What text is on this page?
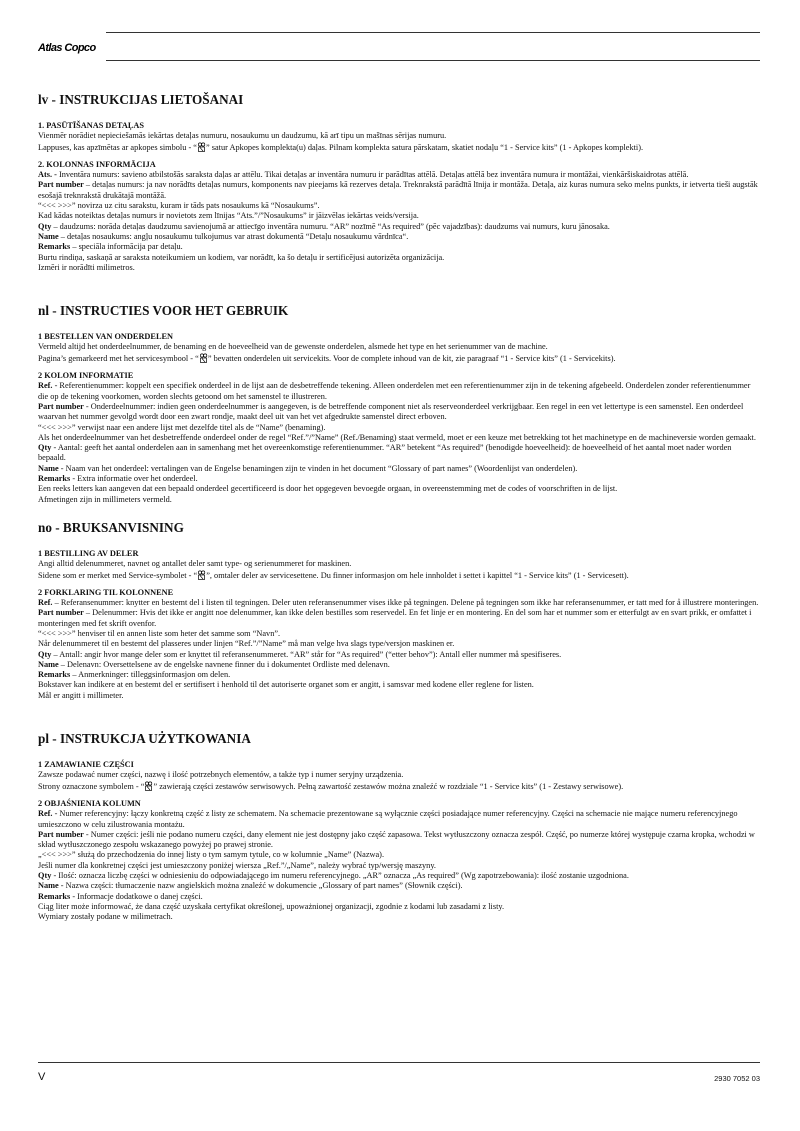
Atlas Copco
lv - INSTRUKCIJAS LIETOŠANAI

1. PASŪTĪŠANAS DETAĻAS

Vienmēr norādiet nepieciešamās iekārtas detaļas numuru, nosaukumu un daudzumu, kā arī tipu un mašīnas sērijas numuru.

Lappuses, kas apzīmētas ar apkopes simbolu - “ ” satur Apkopes komplekta(u) daļas. Pilnam komplekta satura pārskatam, skatiet nodaļu “1 - Service kits” (1 - Apkopes komplekti).

2. KOLONNAS INFORMĀCIJA

Ats. - Inventāra numurs: savieno atbilstošās saraksta daļas ar attēlu. Tikai detaļas ar inventāra numuru ir parādītas attēlā. Detaļas attēlā bez inventāra numura ir montāžai, vienkāršiskaidrotas attēlā.

Part number – detaļas numurs: ja nav norādīts detaļas numurs, komponents nav pieejams kā rezerves detaļa. Treknrakstā parādītā līnija ir montāža. Detaļa, aiz kuras numura seko melns punkts, ir ietverta tieši augstāk esošajā treknrakstā drukātajā montāžā.

“<<< >>>” novirza uz citu sarakstu, kuram ir tāds pats nosaukums kā “Nosaukums”.

Kad kādas noteiktas detaļas numurs ir novietots zem līnijas “Ats.”/”Nosaukums” ir jāizvēlas iekārtas veids/versija.

Qty – daudzums: norāda detaļas daudzumu savienojumā ar attiecīgo inventāra numuru. “AR” nozīmē “As required” (pēc vajadzības): daudzums vai numurs, kuru jānosaka.

Name – detaļas nosaukums: angļu nosaukumu tulkojumus var atrast dokumentā “Detaļu nosaukumu vārdnīca“.

Remarks – speciāla informācija par detaļu.

Burtu rindiņa, saskaņā ar saraksta noteikumiem un kodiem, var norādīt, ka šo detaļu ir sertificējusi autorizēta organizācija.

Izmēri ir norādīti milimetros.

nl - INSTRUCTIES VOOR HET GEBRUIK

1 BESTELLEN VAN ONDERDELEN

Vermeld altijd het onderdeelnummer, de benaming en de hoeveelheid van de gewenste onderdelen, alsmede het type en het serienummer van de machine.

Pagina’s gemarkeerd met het servicesymbool - “ ” bevatten onderdelen uit servicekits. Voor de complete inhoud van de kit, zie paragraaf “1 - Service kits” (1 - Servicekits).

2 KOLOM INFORMATIE

Ref. - Referentienummer: koppelt een specifiek onderdeel in de lijst aan de desbetreffende tekening. Alleen onderdelen met een referentienummer zijn in de tekening afgebeeld. Onderdelen zonder referentienummer die op de tekening voorkomen, worden slechts getoond om het samenstel te illustreren.

Part number - Onderdeelnummer: indien geen onderdeelnummer is aangegeven, is de betreffende component niet als reserveonderdeel verkrijgbaar. Een regel in een vet lettertype is een samenstel. Een onderdeel waarvan het nummer gevolgd wordt door een zwart rondje, maakt deel uit van het vet afgedrukte samenstel direct erboven.

“<<< >>>” verwijst naar een andere lijst met dezelfde titel als de “Name” (benaming).

Als het onderdeelnummer van het desbetreffende onderdeel onder de regel “Ref.”/”Name” (Ref./Benaming) staat vermeld, moet er een keuze met betrekking tot het machinetype en de machineversie worden gemaakt.

Qty - Aantal: geeft het aantal onderdelen aan in samenhang met het overeenkomstige referentienummer. “AR” betekent “As required” (benodigde hoeveelheid): de hoeveelheid of het aantal moet nader worden bepaald.

Name - Naam van het onderdeel: vertalingen van de Engelse benamingen zijn te vinden in het document “Glossary of part names” (Woordenlijst van onderdelen).

Remarks - Extra informatie over het onderdeel.

Een reeks letters kan aangeven dat een bepaald onderdeel gecertificeerd is door het opgegeven bevoegde orgaan, in overeenstemming met de codes of voorschriften in de lijst.

Afmetingen zijn in millimeters vermeld.

no - BRUKSANVISNING

1 BESTILLING AV DELER

Angi alltid delenummeret, navnet og antallet deler samt type- og serienummeret for maskinen.

Sidene som er merket med Service-symbolet - “ ”, omtaler deler av servicesettene. Du finner informasjon om hele innholdet i settet i kapittel “1 - Service kits” (1 - Servicesett).

2 FORKLARING TIL KOLONNENE

Ref. – Referansenummer: knytter en bestemt del i listen til tegningen. Deler uten referansenummer vises ikke på tegningen. Delene på tegningen som ikke har referansenummer, er tatt med for å illustrere monteringen.

Part number – Delenummer: Hvis det ikke er angitt noe delenummer, kan ikke delen bestilles som reservedel. En fet linje er en montering. En del som har et nummer som er etterfulgt av en svart prikk, er omfattet i monteringen med fet skrift ovenfor.

“<<< >>>” henviser til en annen liste som heter det samme som “Navn”.

Når delenummeret til en bestemt del plasseres under linjen “Ref.”/”Name” må man velge hva slags type/versjon maskinen er.

Qty – Antall: angir hvor mange deler som er knyttet til referansenummeret. “AR” står for “As required” (“etter behov”): Antall eller nummer må spesifiseres.

Name – Delenavn: Oversettelsene av de engelske navnene finner du i dokumentet Ordliste med delenavn.

Remarks – Anmerkninger: tilleggsinformasjon om delen.

Bokstaver kan indikere at en bestemt del er sertifisert i henhold til det autoriserte organet som er angitt, i samsvar med kodene eller reglene for listen.

Mål er angitt i millimeter.

pl - INSTRUKCJA UŻYTKOWANIA

1 ZAMAWIANIE CZĘŚCI

Zawsze podawać numer części, nazwę i ilość potrzebnych elementów, a także typ i numer seryjny urządzenia.

Strony oznaczone symbolem - “ ” zawierają części zestawów serwisowych. Pełną zawartość zestawów można znaleźć w rozdziale “1 - Service kits” (1 - Zestawy serwisowe).

2 OBJAŚNIENIA KOLUMN

Ref. - Numer referencyjny: łączy konkretną część z listy ze schematem. Na schemacie prezentowane są wyłącznie części posiadające numer referencyjny. Części na schemacie nie mające numeru referencyjnego umieszczono w celu zilustrowania montażu.

Part number - Numer części: jeśli nie podano numeru części, dany element nie jest dostępny jako część zapasowa. Tekst wytłuszczony oznacza zespół. Część, po numerze której występuje czarna kropka, wchodzi w skład wytłuszczonego zespołu wskazanego powyżej po prawej stronie.

„<<< >>>” służą do przechodzenia do innej listy o tym samym tytule, co w kolumnie „Name” (Nazwa).

Jeśli numer dla konkretnej części jest umieszczony poniżej wiersza „Ref.”/„Name”, należy wybrać typ/wersję maszyny.

Qty - Ilość: oznacza liczbę części w odniesieniu do odpowiadającego im numeru referencyjnego. „AR” oznacza „As required” (Wg zapotrzebowania): ilość zostanie uzgodniona.

Name - Nazwa części: tłumaczenie nazw angielskich można znaleźć w dokumencie „Glossary of part names” (Słownik części).

Remarks - Informacje dodatkowe o danej części.

Ciąg liter może informować, że dana część uzyskała certyfikat określonej, upoważnionej organizacji, zgodnie z kodami lub zasadami z listy.

Wymiary zostały podane w milimetrach.

V	2930 7052 03
